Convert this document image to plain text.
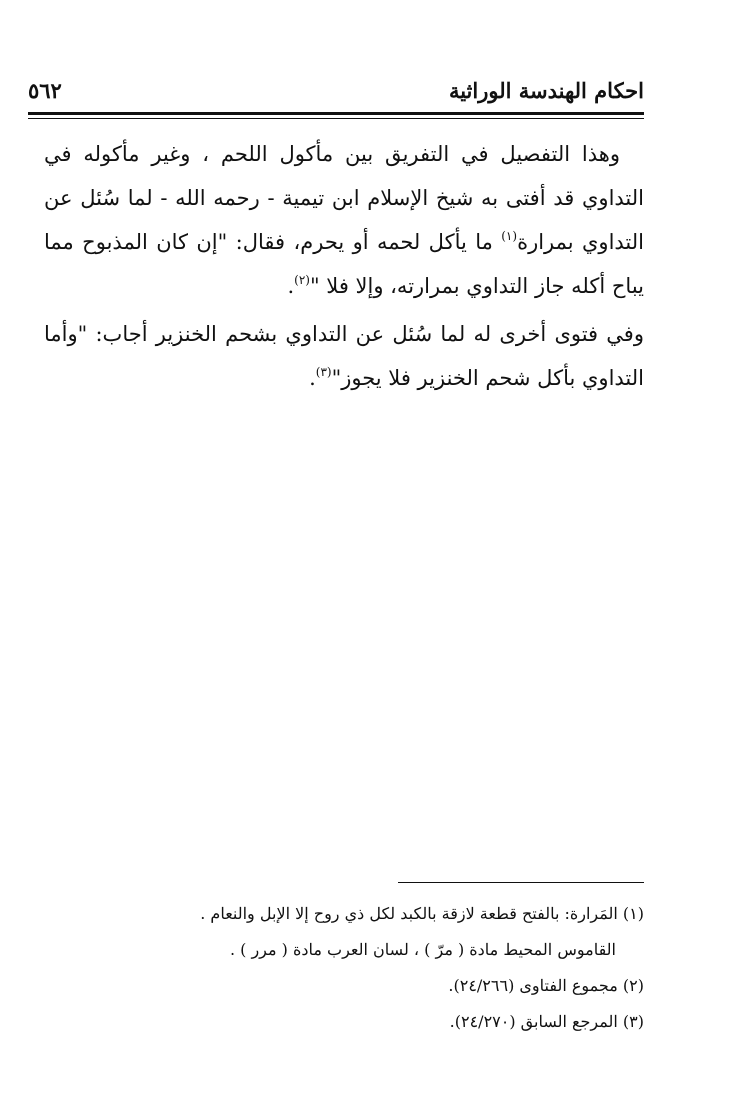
احكام الهندسة الوراثية
٥٦٢

وهذا التفصيل في التفريق بين مأكول اللحم ، وغير مأكوله في التداوي قد أفتى به شيخ الإسلام ابن تيمية - رحمه الله - لما سُئل عن التداوي بمرارة$^{(١)}$ ما يأكل لحمه أو يحرم، فقال: "إن كان المذبوح مما يباح أكله جاز التداوي بمرارته، وإلا فلا "$^{(٢)}$.

وفي فتوى أخرى له لما سُئل عن التداوي بشحم الخنزير أجاب: "وأما التداوي بأكل شحم الخنزير فلا يجوز"$^{(٣)}$.

(١) المَرارة: بالفتح قطعة لازقة بالكبد لكل ذي روح إلا الإبل والنعام .
القاموس المحيط مادة ( مرّ ) ، لسان العرب مادة ( مرر ) .
(٢) مجموع الفتاوى (٢٤/٢٦٦).
(٣) المرجع السابق (٢٤/٢٧٠).
